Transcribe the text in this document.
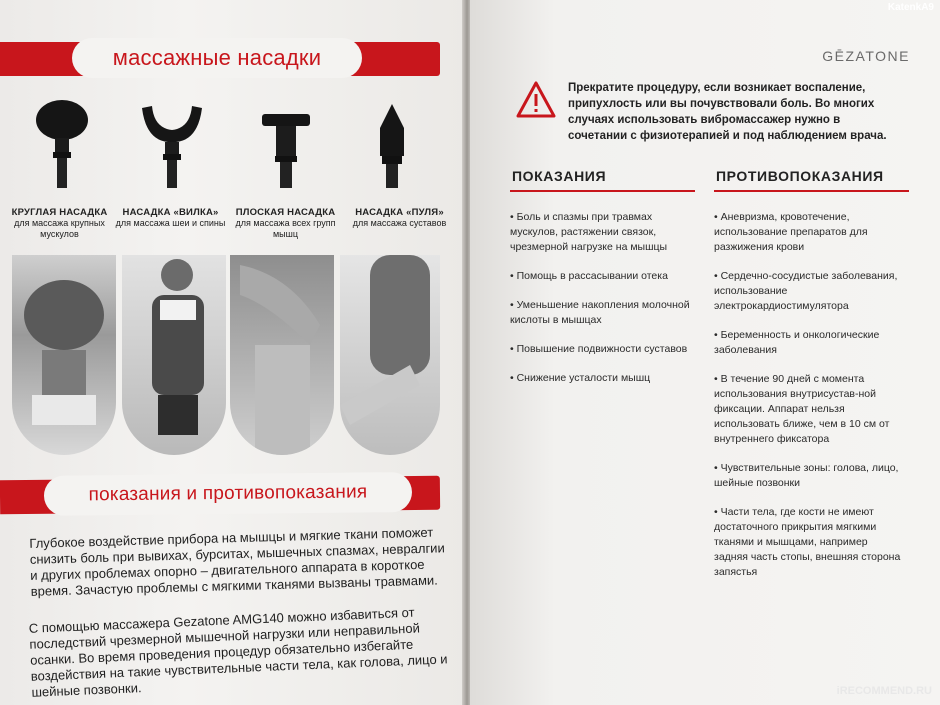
массажные насадки
КРУГЛАЯ НАСАДКА
для массажа крупных мускулов
НАСАДКА «ВИЛКА»
для массажа шеи и спины
ПЛОСКАЯ НАСАДКА
для массажа всех групп мышц
НАСАДКА «ПУЛЯ»
для массажа суставов
показания и противопоказания
Глубокое воздействие прибора на мышцы и мягкие ткани поможет снизить боль при вывихах, бурситах, мышечных спазмах, невралгии и других проблемах опорно – двигательного аппарата в короткое время. Зачастую проблемы с мягкими тканями вызваны травмами.
С помощью массажера Gezatone AMG140 можно избавиться от последствий чрезмерной мышечной нагрузки или неправильной осанки. Во время проведения процедур обязательно избегайте воздействия на такие чувствительные части тела, как голова, лицо и шейные позвонки.
GĒZATONE
Прекратите процедуру, если возникает воспаление, припухлость или вы почувствовали боль. Во многих случаях использовать вибромассажер нужно в сочетании с физиотерапией и под наблюдением врача.
ПОКАЗАНИЯ	ПРОТИВОПОКАЗАНИЯ
• Боль и спазмы при травмах мускулов, растяжении связок, чрезмерной нагрузке на мышцы
• Помощь в рассасывании отека
• Уменьшение накопления молочной кислоты в мышцах
• Повышение подвижности суставов
• Снижение усталости мышц
• Аневризма, кровотечение, использование препаратов для разжижения крови
• Сердечно-сосудистые заболевания, использование электрокардиостимулятора
• Беременность и онкологические заболевания
• В течение 90 дней с момента использования внутрисустав-ной фиксации. Аппарат нельзя использовать ближе, чем в 10 см от внутреннего фиксатора
• Чувствительные зоны: голова, лицо, шейные позвонки
• Части тела, где кости не имеют достаточного прикрытия мягкими тканями и мышцами, например задняя часть стопы, внешняя сторона запястья
KatenkA9
iRECOMMEND.RU
